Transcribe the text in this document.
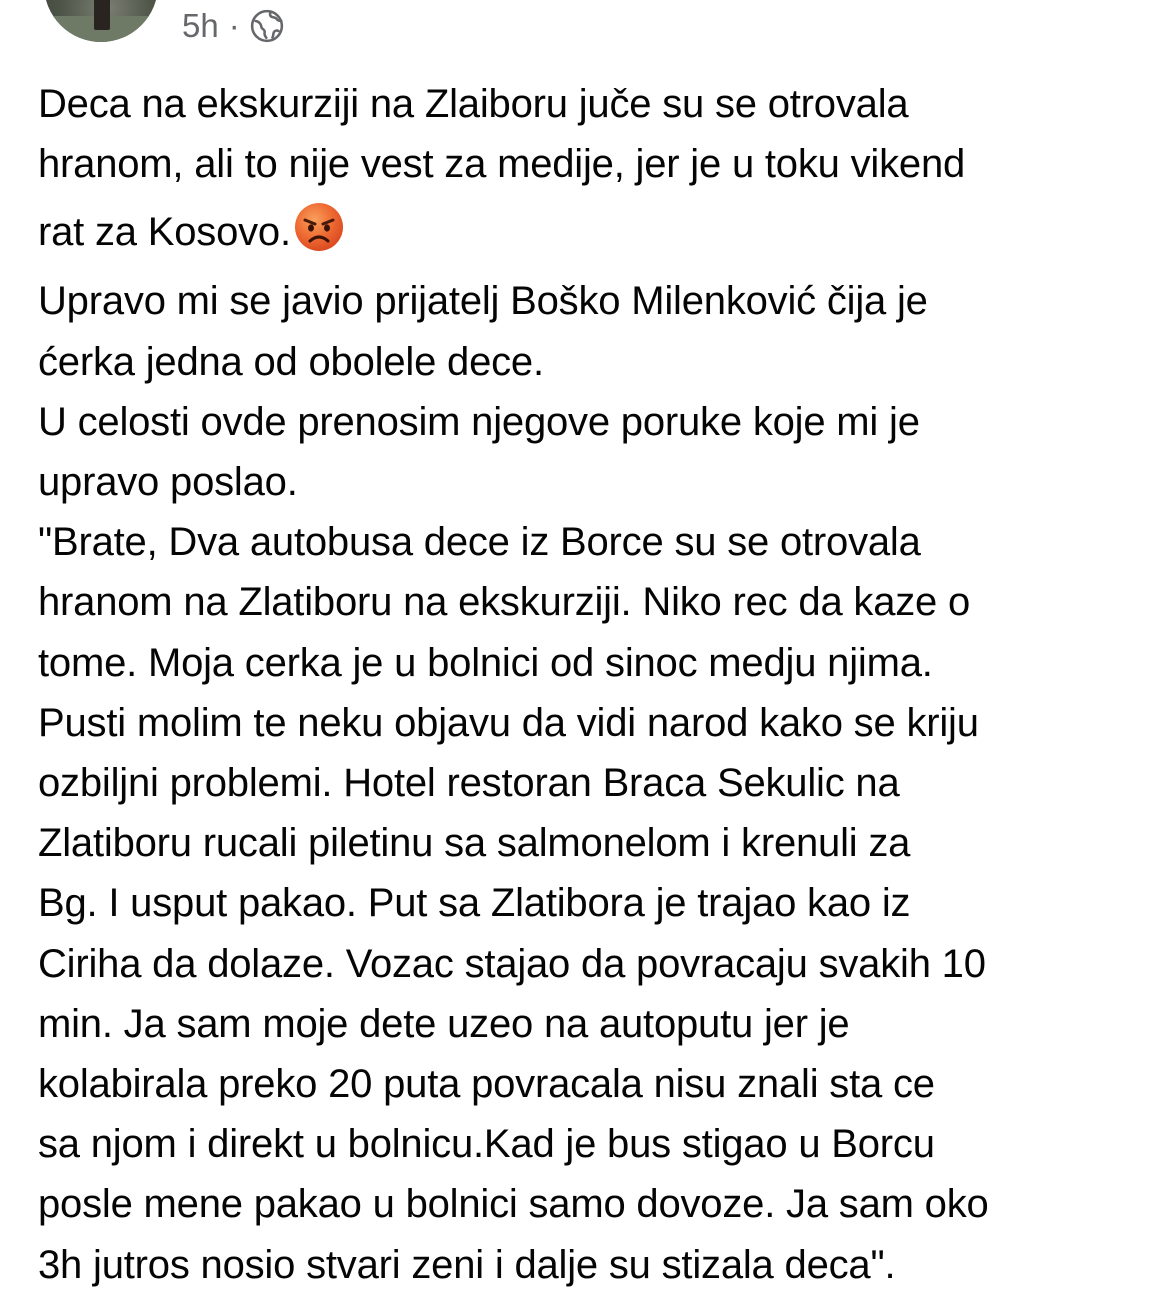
5h ·
Deca na ekskurziji na Zlaiboru juče su se otrovala
hranom, ali to nije vest za medije, jer je u toku vikend
rat za Kosovo.
Upravo mi se javio prijatelj Boško Milenković čija je
ćerka jedna od obolele dece.
U celosti ovde prenosim njegove poruke koje mi je
upravo poslao.
"Brate, Dva autobusa dece iz Borce su se otrovala
hranom na Zlatiboru na ekskurziji. Niko rec da kaze o
tome. Moja cerka je u bolnici od sinoc medju njima.
Pusti molim te neku objavu da vidi narod kako se kriju
ozbiljni problemi. Hotel restoran Braca Sekulic na
Zlatiboru rucali piletinu sa salmonelom i krenuli za
Bg. I usput pakao. Put sa Zlatibora je trajao kao iz
Ciriha da dolaze. Vozac stajao da povracaju svakih 10
min. Ja sam moje dete uzeo na autoputu jer je
kolabirala preko 20 puta povracala nisu znali sta ce
sa njom i direkt u bolnicu.Kad je bus stigao u Borcu
posle mene pakao u bolnici samo dovoze. Ja sam oko
3h jutros nosio stvari zeni i dalje su stizala deca".
